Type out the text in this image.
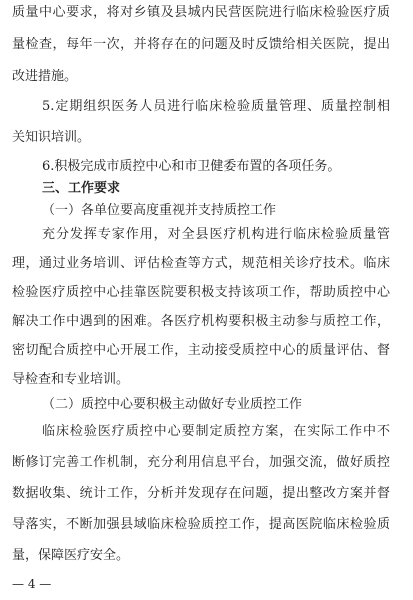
质量中心要求，将对乡镇及县城内民营医院进行临床检验医疗质
量检查，每年一次，并将存在的问题及时反馈给相关医院，提出
改进措施。
5.定期组织医务人员进行临床检验质量管理、质量控制相
关知识培训。
6.积极完成市质控中心和市卫健委布置的各项任务。
三、工作要求
（一）各单位要高度重视并支持质控工作
充分发挥专家作用，对全县医疗机构进行临床检验质量管
理，通过业务培训、评估检查等方式，规范相关诊疗技术。临床
检验医疗质控中心挂靠医院要积极支持该项工作，帮助质控中心
解决工作中遇到的困难。各医疗机构要积极主动参与质控工作，
密切配合质控中心开展工作，主动接受质控中心的质量评估、督
导检查和专业培训。
（二）质控中心要积极主动做好专业质控工作
临床检验医疗质控中心要制定质控方案，在实际工作中不
断修订完善工作机制，充分利用信息平台，加强交流，做好质控
数据收集、统计工作，分析并发现存在问题，提出整改方案并督
导落实，不断加强县域临床检验质控工作，提高医院临床检验质
量，保障医疗安全。
— 4 —
